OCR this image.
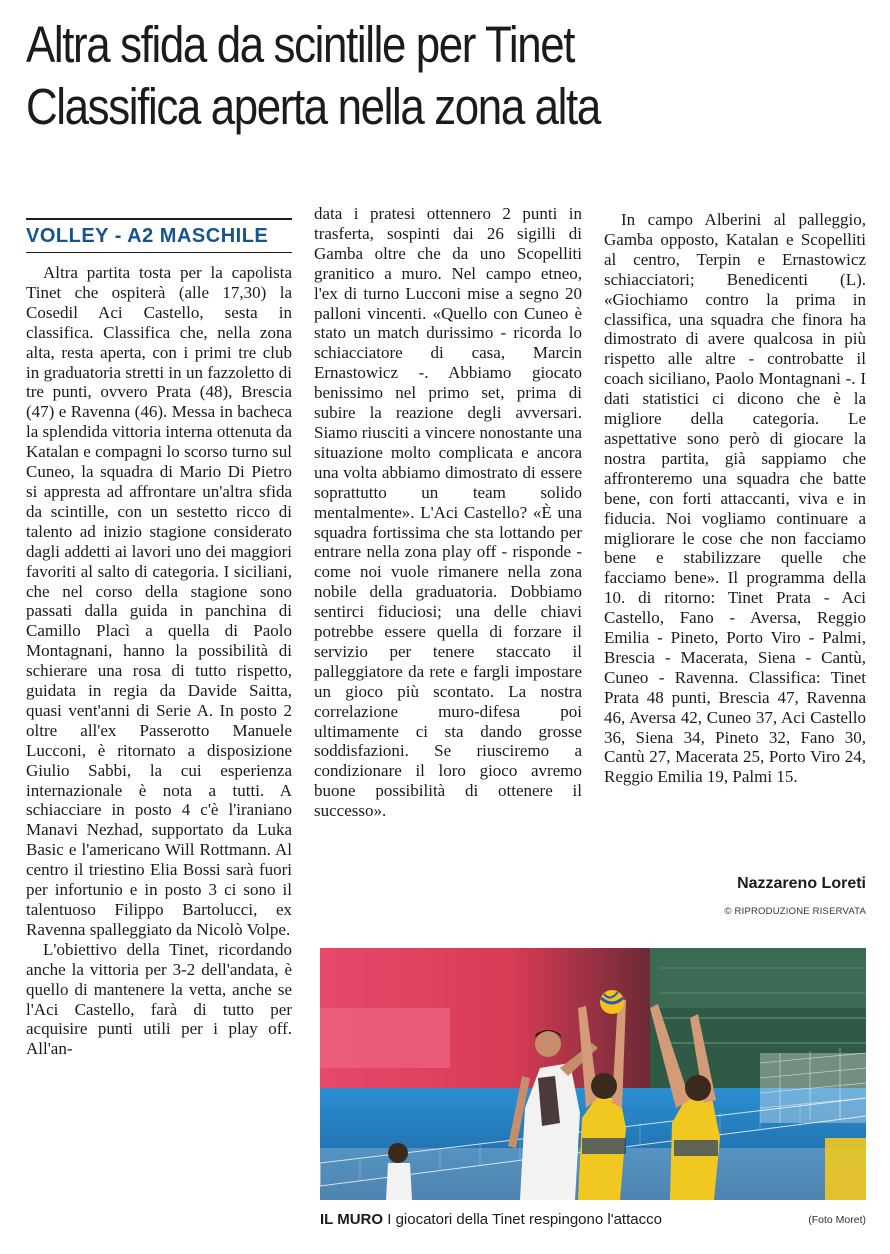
Altra sfida da scintille per Tinet
Classifica aperta nella zona alta
VOLLEY - A2 MASCHILE

Altra partita tosta per la capolista Tinet che ospiterà (alle 17,30) la Cosedil Aci Castello, sesta in classifica. Classifica che, nella zona alta, resta aperta, con i primi tre club in graduatoria stretti in un fazzoletto di tre punti, ovvero Prata (48), Brescia (47) e Ravenna (46). Messa in bacheca la splendida vittoria interna ottenuta da Katalan e compagni lo scorso turno sul Cuneo, la squadra di Mario Di Pietro si appresta ad affrontare un'altra sfida da scintille, con un sestetto ricco di talento ad inizio stagione considerato dagli addetti ai lavori uno dei maggiori favoriti al salto di categoria. I siciliani, che nel corso della stagione sono passati dalla guida in panchina di Camillo Placì a quella di Paolo Montagnani, hanno la possibilità di schierare una rosa di tutto rispetto, guidata in regia da Davide Saitta, quasi vent'anni di Serie A. In posto 2 oltre all'ex Passerotto Manuele Lucconi, è ritornato a disposizione Giulio Sabbi, la cui esperienza internazionale è nota a tutti. A schiacciare in posto 4 c'è l'iraniano Manavi Nezhad, supportato da Luka Basic e l'americano Will Rottmann. Al centro il triestino Elia Bossi sarà fuori per infortunio e in posto 3 ci sono il talentuoso Filippo Bartolucci, ex Ravenna spalleggiato da Nicolò Volpe.

L'obiettivo della Tinet, ricordando anche la vittoria per 3-2 dell'andata, è quello di mantenere la vetta, anche se l'Aci Castello, farà di tutto per acquisire punti utili per i play off. All'an-

data i pratesi ottennero 2 punti in trasferta, sospinti dai 26 sigilli di Gamba oltre che da uno Scopelliti granitico a muro. Nel campo etneo, l'ex di turno Lucconi mise a segno 20 palloni vincenti. «Quello con Cuneo è stato un match durissimo - ricorda lo schiacciatore di casa, Marcin Ernastowicz -. Abbiamo giocato benissimo nel primo set, prima di subire la reazione degli avversari. Siamo riusciti a vincere nonostante una situazione molto complicata e ancora una volta abbiamo dimostrato di essere soprattutto un team solido mentalmente». L'Aci Castello? «È una squadra fortissima che sta lottando per entrare nella zona play off - risponde - come noi vuole rimanere nella zona nobile della graduatoria. Dobbiamo sentirci fiduciosi; una delle chiavi potrebbe essere quella di forzare il servizio per tenere staccato il palleggiatore da rete e fargli impostare un gioco più scontato. La nostra correlazione muro-difesa poi ultimamente ci sta dando grosse soddisfazioni. Se riusciremo a condizionare il loro gioco avremo buone possibilità di ottenere il successo».

In campo Alberini al palleggio, Gamba opposto, Katalan e Scopelliti al centro, Terpin e Ernastowicz schiacciatori; Benedicenti (L). «Giochiamo contro la prima in classifica, una squadra che finora ha dimostrato di avere qualcosa in più rispetto alle altre - controbatte il coach siciliano, Paolo Montagnani -. I dati statistici ci dicono che è la migliore della categoria. Le aspettative sono però di giocare la nostra partita, già sappiamo che affronteremo una squadra che batte bene, con forti attaccanti, viva e in fiducia. Noi vogliamo continuare a migliorare le cose che non facciamo bene e stabilizzare quelle che facciamo bene». Il programma della 10. di ritorno: Tinet Prata - Aci Castello, Fano - Aversa, Reggio Emilia - Pineto, Porto Viro - Palmi, Brescia - Macerata, Siena - Cantù, Cuneo - Ravenna. Classifica: Tinet Prata 48 punti, Brescia 47, Ravenna 46, Aversa 42, Cuneo 37, Aci Castello 36, Siena 34, Pineto 32, Fano 30, Cantù 27, Macerata 25, Porto Viro 24, Reggio Emilia 19, Palmi 15.

Nazzareno Loreti
© RIPRODUZIONE RISERVATA
IL MURO I giocatori della Tinet respingono l'attacco	(Foto Moret)
